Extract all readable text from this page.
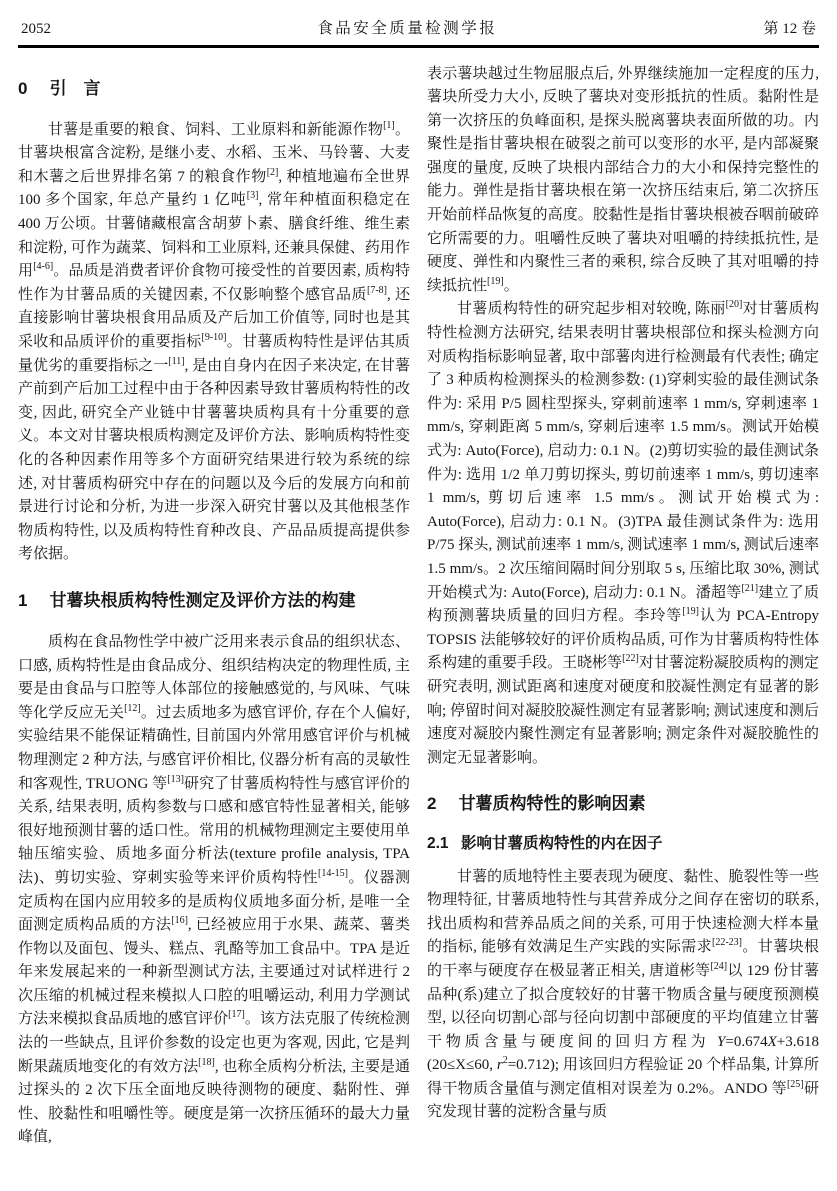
2052	食品安全质量检测学报	第 12 卷
0 引　言

甘薯是重要的粮食、饲料、工业原料和新能源作物[1]。甘薯块根富含淀粉, 是继小麦、水稻、玉米、马铃薯、大麦和木薯之后世界排名第 7 的粮食作物[2], 种植地遍布全世界 100 多个国家, 年总产量约 1 亿吨[3], 常年种植面积稳定在 400 万公顷。甘薯储藏根富含胡萝卜素、膳食纤维、维生素和淀粉, 可作为蔬菜、饲料和工业原料, 还兼具保健、药用作用[4-6]。品质是消费者评价食物可接受性的首要因素, 质构特性作为甘薯品质的关键因素, 不仅影响整个感官品质[7-8], 还直接影响甘薯块根食用品质及产后加工价值等, 同时也是其采收和品质评价的重要指标[9-10]。甘薯质构特性是评估其质量优劣的重要指标之一[11], 是由自身内在因子来决定, 在甘薯产前到产后加工过程中由于各种因素导致甘薯质构特性的改变, 因此, 研究全产业链中甘薯薯块质构具有十分重要的意义。本文对甘薯块根质构测定及评价方法、影响质构特性变化的各种因素作用等多个方面研究结果进行较为系统的综述, 对甘薯质构研究中存在的问题以及今后的发展方向和前景进行讨论和分析, 为进一步深入研究甘薯以及其他根茎作物质构特性, 以及质构特性育种改良、产品品质提高提供参考依据。

1 甘薯块根质构特性测定及评价方法的构建

质构在食品物性学中被广泛用来表示食品的组织状态、口感, 质构特性是由食品成分、组织结构决定的物理性质, 主要是由食品与口腔等人体部位的接触感觉的, 与风味、气味等化学反应无关[12]。过去质地多为感官评价, 存在个人偏好, 实验结果不能保证精确性, 目前国内外常用感官评价与机械物理测定 2 种方法, 与感官评价相比, 仪器分析有高的灵敏性和客观性, TRUONG 等[13]研究了甘薯质构特性与感官评价的关系, 结果表明, 质构参数与口感和感官特性显著相关, 能够很好地预测甘薯的适口性。常用的机械物理测定主要使用单轴压缩实验、质地多面分析法(texture profile analysis, TPA 法)、剪切实验、穿刺实验等来评价质构特性[14-15]。仪器测定质构在国内应用较多的是质构仪质地多面分析, 是唯一全面测定质构品质的方法[16], 已经被应用于水果、蔬菜、薯类作物以及面包、馒头、糕点、乳酪等加工食品中。TPA 是近年来发展起来的一种新型测试方法, 主要通过对试样进行 2 次压缩的机械过程来模拟人口腔的咀嚼运动, 利用力学测试方法来模拟食品质地的感官评价[17]。该方法克服了传统检测法的一些缺点, 且评价参数的设定也更为客观, 因此, 它是判断果蔬质地变化的有效方法[18], 也称全质构分析法, 主要是通过探头的 2 次下压全面地反映待测物的硬度、黏附性、弹性、胶黏性和咀嚼性等。硬度是第一次挤压循环的最大力量峰值,

表示薯块越过生物屈服点后, 外界继续施加一定程度的压力, 薯块所受力大小, 反映了薯块对变形抵抗的性质。黏附性是第一次挤压的负峰面积, 是探头脱离薯块表面所做的功。内聚性是指甘薯块根在破裂之前可以变形的水平, 是内部凝聚强度的量度, 反映了块根内部结合力的大小和保持完整性的能力。弹性是指甘薯块根在第一次挤压结束后, 第二次挤压开始前样品恢复的高度。胶黏性是指甘薯块根被吞咽前破碎它所需要的力。咀嚼性反映了薯块对咀嚼的持续抵抗性, 是硬度、弹性和内聚性三者的乘积, 综合反映了其对咀嚼的持续抵抗性[19]。

甘薯质构特性的研究起步相对较晚, 陈丽[20]对甘薯质构特性检测方法研究, 结果表明甘薯块根部位和探头检测方向对质构指标影响显著, 取中部薯肉进行检测最有代表性; 确定了 3 种质构检测探头的检测参数: (1)穿刺实验的最佳测试条件为: 采用 P/5 圆柱型探头, 穿刺前速率 1 mm/s, 穿刺速率 1 mm/s, 穿刺距离 5 mm/s, 穿刺后速率 1.5 mm/s。测试开始模式为: Auto(Force), 启动力: 0.1 N。(2)剪切实验的最佳测试条件为: 选用 1/2 单刀剪切探头, 剪切前速率 1 mm/s, 剪切速率 1 mm/s, 剪切后速率 1.5 mm/s。测试开始模式为: Auto(Force), 启动力: 0.1 N。(3)TPA 最佳测试条件为: 选用 P/75 探头, 测试前速率 1 mm/s, 测试速率 1 mm/s, 测试后速率 1.5 mm/s。2 次压缩间隔时间分别取 5 s, 压缩比取 30%, 测试开始模式为: Auto(Force), 启动力: 0.1 N。潘超等[21]建立了质构预测薯块质量的回归方程。李玲等[19]认为 PCA-Entropy TOPSIS 法能够较好的评价质构品质, 可作为甘薯质构特性体系构建的重要手段。王晓彬等[22]对甘薯淀粉凝胶质构的测定研究表明, 测试距离和速度对硬度和胶凝性测定有显著的影响; 停留时间对凝胶胶凝性测定有显著影响; 测试速度和测后速度对凝胶内聚性测定有显著影响; 测定条件对凝胶脆性的测定无显著影响。

2 甘薯质构特性的影响因素
2.1 影响甘薯质构特性的内在因子

甘薯的质地特性主要表现为硬度、黏性、脆裂性等一些物理特征, 甘薯质地特性与其营养成分之间存在密切的联系, 找出质构和营养品质之间的关系, 可用于快速检测大样本量的指标, 能够有效满足生产实践的实际需求[22-23]。甘薯块根的干率与硬度存在极显著正相关, 唐道彬等[24]以 129 份甘薯品种(系)建立了拟合度较好的甘薯干物质含量与硬度预测模型, 以径向切割心部与径向切割中部硬度的平均值建立甘薯干物质含量与硬度间的回归方程为 Y=0.674X+3.618 (20≤X≤60, $r^2=0.712$); 用该回归方程验证 20 个样品集, 计算所得干物质含量值与测定值相对误差为 0.2%。ANDO 等[25]研究发现甘薯的淀粉含量与质
